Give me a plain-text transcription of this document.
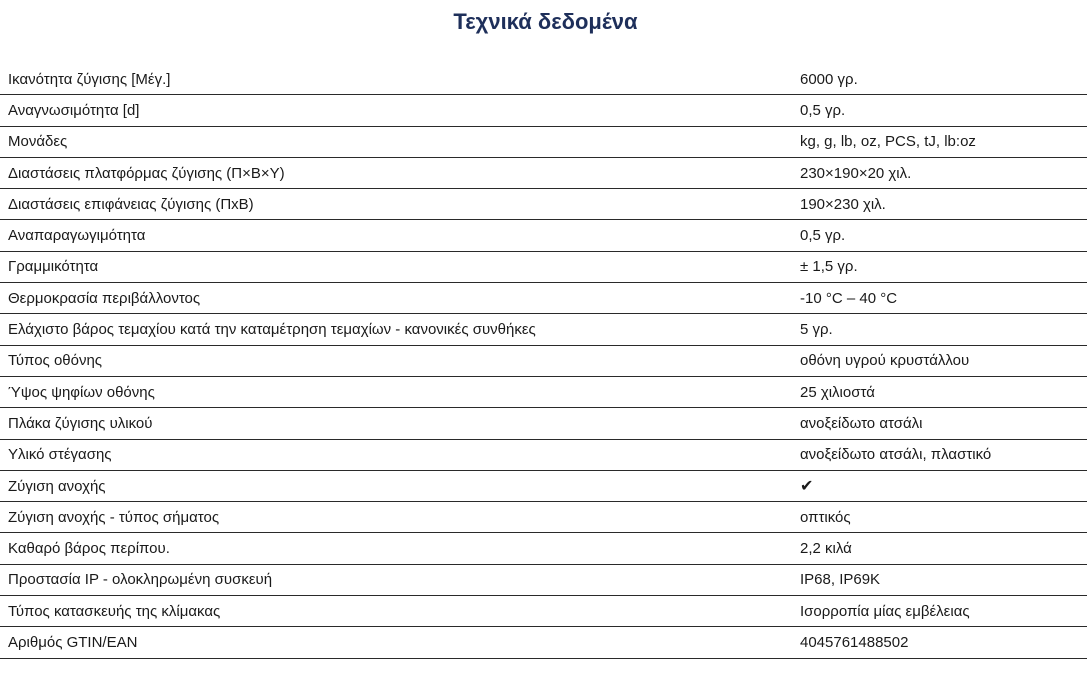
Τεχνικά δεδομένα
Ικανότητα ζύγισης [Μέγ.]	6000 γρ.
Αναγνωσιμότητα [d]	0,5 γρ.
Μονάδες	kg, g, lb, oz, PCS, tJ, lb:oz
Διαστάσεις πλατφόρμας ζύγισης (Π×Β×Υ)	230×190×20 χιλ.
Διαστάσεις επιφάνειας ζύγισης (ΠxΒ)	190×230 χιλ.
Αναπαραγωγιμότητα	0,5 γρ.
Γραμμικότητα	± 1,5 γρ.
Θερμοκρασία περιβάλλοντος	-10 °C – 40 °C
Ελάχιστο βάρος τεμαχίου κατά την καταμέτρηση τεμαχίων - κανονικές συνθήκες	5 γρ.
Τύπος οθόνης	οθόνη υγρού κρυστάλλου
Ύψος ψηφίων οθόνης	25 χιλιοστά
Πλάκα ζύγισης υλικού	ανοξείδωτο ατσάλι
Υλικό στέγασης	ανοξείδωτο ατσάλι, πλαστικό
Ζύγιση ανοχής	✔
Ζύγιση ανοχής - τύπος σήματος	οπτικός
Καθαρό βάρος περίπου.	2,2 κιλά
Προστασία IP - ολοκληρωμένη συσκευή	IP68, IP69K
Τύπος κατασκευής της κλίμακας	Ισορροπία μίας εμβέλειας
Αριθμός GTIN/EAN	4045761488502
